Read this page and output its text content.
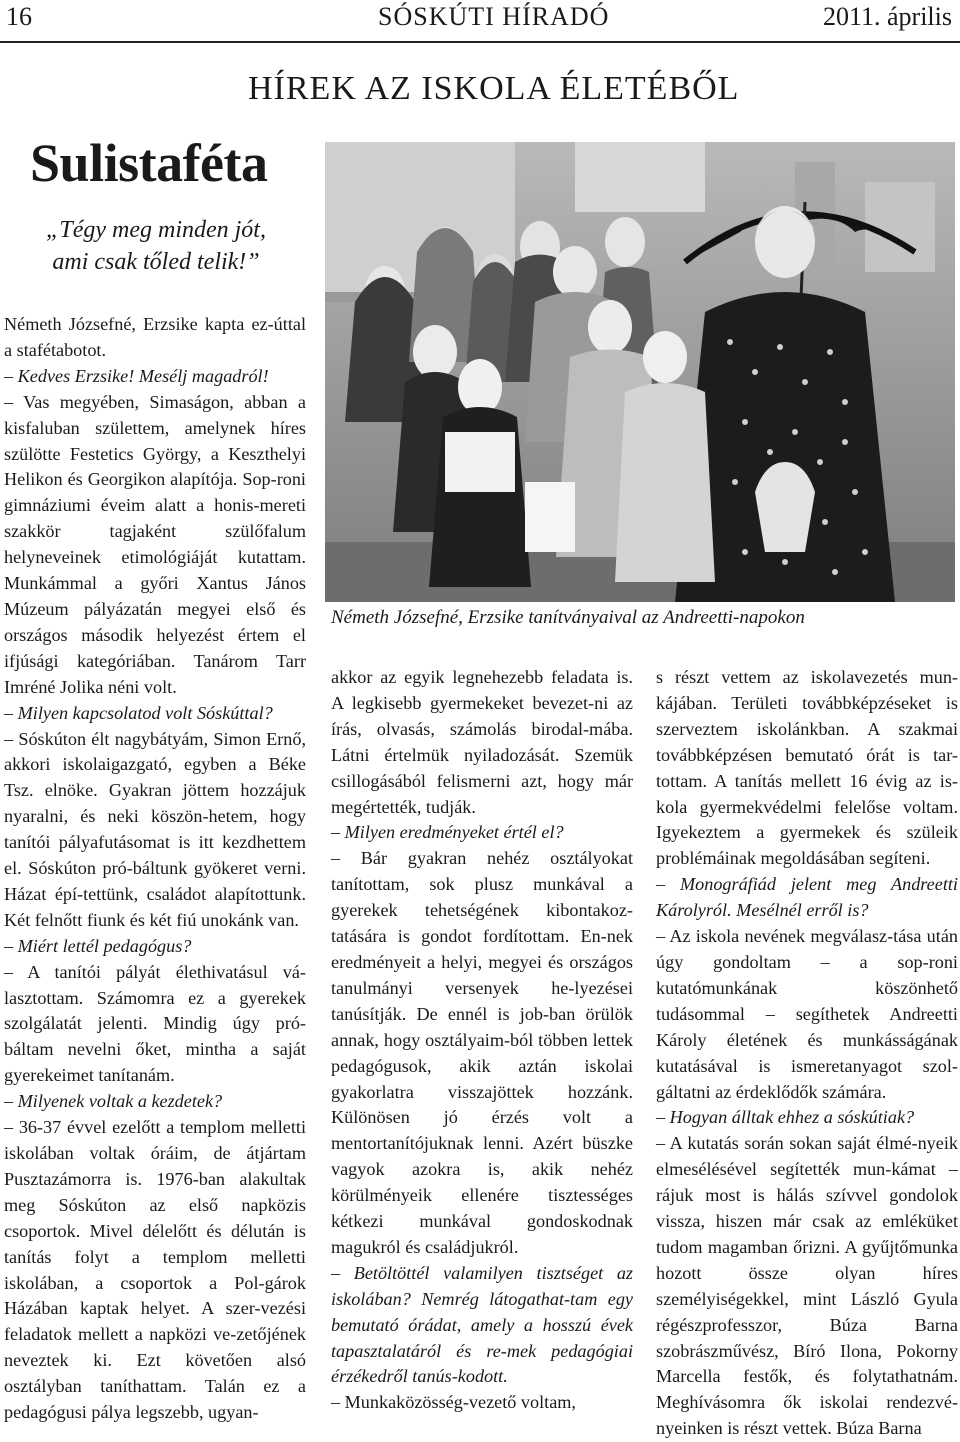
16	SÓSKÚTI HÍRADÓ	2011. április
HÍREK AZ ISKOLA ÉLETÉBŐL
Sulistaféta
„Tégy meg minden jót,
ami csak tőled telik!”

Németh Józsefné, Erzsike kapta ez-úttal a stafétabotot.

– Kedves Erzsike! Mesélj magadról!

– Vas megyében, Simaságon, abban a kisfaluban születtem, amelynek híres szülötte Festetics György, a Keszthelyi Helikon és Georgikon alapítója. Sop-roni gimnáziumi éveim alatt a honis-mereti szakkör tagjaként szülőfalum helyneveinek etimológiáját kutattam. Munkámmal a győri Xantus János Múzeum pályázatán megyei első és országos második helyezést értem el ifjúsági kategóriában. Tanárom Tarr Imréné Jolika néni volt.

– Milyen kapcsolatod volt Sóskúttal?

– Sóskúton élt nagybátyám, Simon Ernő, akkori iskolaigazgató, egyben a Béke Tsz. elnöke. Gyakran jöttem hozzájuk nyaralni, és neki köszön-hetem, hogy tanítói pályafutásomat is itt kezdhettem el. Sóskúton pró-báltunk gyökeret verni. Házat épí-tettünk, családot alapítottunk. Két felnőtt fiunk és két fiú unokánk van.

– Miért lettél pedagógus?

– A tanítói pályát élethivatásul vá-lasztottam. Számomra ez a gyerekek szolgálatát jelenti. Mindig úgy pró-báltam nevelni őket, mintha a saját gyerekeimet tanítanám.

– Milyenek voltak a kezdetek?

– 36-37 évvel ezelőtt a templom melletti iskolában voltak óráim, de átjártam Pusztazámorra is. 1976-ban alakultak meg Sóskúton az első napközis csoportok. Mivel délelőtt és délután is tanítás folyt a templom melletti iskolában, a csoportok a Pol-gárok Házában kaptak helyet. A szer-vezési feladatok mellett a napközi ve-zetőjének neveztek ki. Ezt követően alsó osztályban taníthattam. Talán ez a pedagógusi pálya legszebb, ugyan-

Németh Józsefné, Erzsike tanítványaival az Andreetti-napokon

akkor az egyik legnehezebb feladata is. A legkisebb gyermekeket bevezet-ni az írás, olvasás, számolás birodal-mába. Látni értelmük nyiladozását. Szemük csillogásából felismerni azt, hogy már megértették, tudják.

– Milyen eredményeket értél el?

– Bár gyakran nehéz osztályokat tanítottam, sok plusz munkával a gyerekek tehetségének kibontakoz-tatására is gondot fordítottam. En-nek eredményeit a helyi, megyei és országos tanulmányi versenyek he-lyezései tanúsítják. De ennél is job-ban örülök annak, hogy osztályaim-ból többen lettek pedagógusok, akik aztán iskolai gyakorlatra visszajöttek hozzánk. Különösen jó érzés volt a mentortanítójuknak lenni. Azért büszke vagyok azokra is, akik nehéz körülményeik ellenére tisztességes kétkezi munkával gondoskodnak magukról és családjukról.

– Betöltöttél valamilyen tisztséget az iskolában? Nemrég látogathat-tam egy bemutató órádat, amely a hosszú évek tapasztalatáról és re-mek pedagógiai érzékedről tanús-kodott.

– Munkaközösség-vezető voltam,

s részt vettem az iskolavezetés mun-kájában. Területi továbbképzéseket is szerveztem iskolánkban. A szakmai továbbképzésen bemutató órát is tar-tottam. A tanítás mellett 16 évig az is-kola gyermekvédelmi felelőse voltam. Igyekeztem a gyermekek és szüleik problémáinak megoldásában segíteni.

– Monográfiád jelent meg Andreetti Károlyról. Mesélnél erről is?

– Az iskola nevének megválasz-tása után úgy gondoltam – a sop-roni kutatómunkának köszönhető tudásommal – segíthetek Andreetti Károly életének és munkásságának kutatásával is ismeretanyagot szol-gáltatni az érdeklődők számára.

– Hogyan álltak ehhez a sóskútiak?

– A kutatás során sokan saját élmé-nyeik elmesélésével segítették mun-kámat – rájuk most is hálás szívvel gondolok vissza, hiszen már csak az emléküket tudom magamban őrizni. A gyűjtőmunka hozott össze olyan híres személyiségekkel, mint László Gyula régészprofesszor, Búza Barna szobrászművész, Bíró Ilona, Pokorny Marcella festők, és folytathatnám. Meghívásomra ők iskolai rendezvé-nyeinken is részt vettek. Búza Barna
